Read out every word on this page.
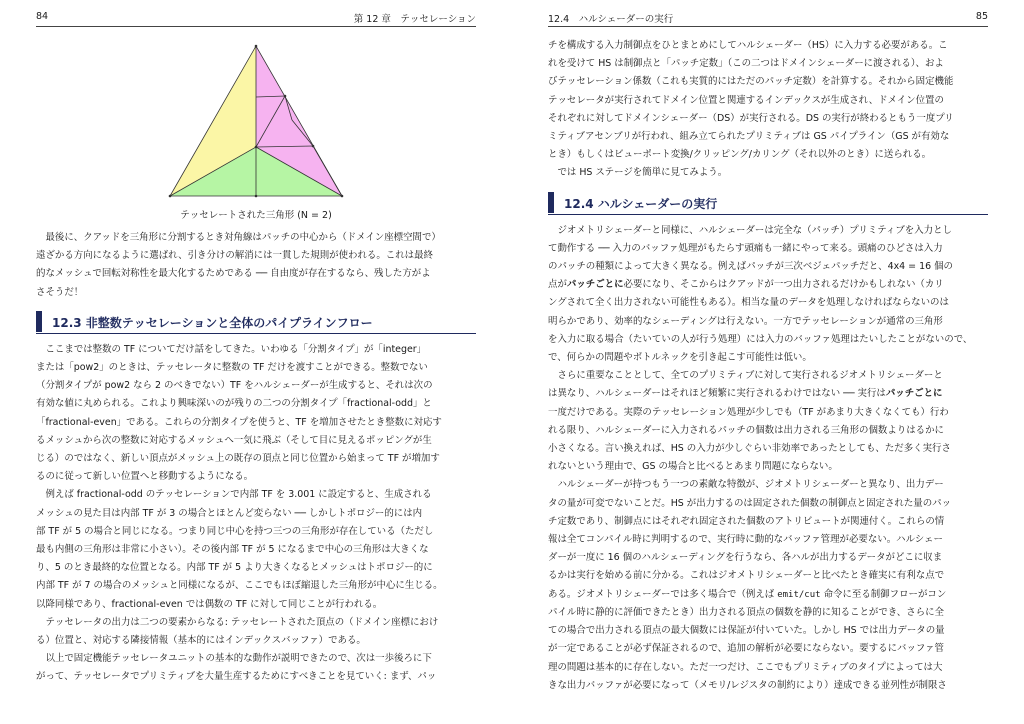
84	第 12 章　テッセレーション
テッセレートされた三角形 (N = 2)

最後に、クアッドを三角形に分割するとき対角線はパッチの中心から（ドメイン座標空間で）

遠ざかる方向になるように選ばれ、引き分けの解消には一貫した規則が使われる。これは最終

的なメッシュで回転対称性を最大化するためである ── 自由度が存在するなら、残した方がよ

さそうだ！

12.3 非整数テッセレーションと全体のパイプラインフロー

ここまでは整数の TF についてだけ話をしてきた。いわゆる「分割タイプ」が「integer」

または「pow2」のときは、テッセレータに整数の TF だけを渡すことができる。整数でない

（分割タイプが pow2 なら 2 のべきでない）TF をハルシェーダーが生成すると、それは次の

有効な値に丸められる。これより興味深いのが残りの二つの分割タイプ「fractional-odd」と

「fractional-even」である。これらの分割タイプを使うと、TF を増加させたとき整数に対応す

るメッシュから次の整数に対応するメッシュへ一気に飛ぶ（そして目に見えるポッピングが生

じる）のではなく、新しい頂点がメッシュ上の既存の頂点と同じ位置から始まって TF が増加す

るのに従って新しい位置へと移動するようになる。

例えば fractional-odd のテッセレーションで内部 TF を 3.001 に設定すると、生成される

メッシュの見た目は内部 TF が 3 の場合とほとんど変らない ── しかしトポロジー的には内

部 TF が 5 の場合と同じになる。つまり同じ中心を持つ三つの三角形が存在している（ただし

最も内側の三角形は非常に小さい）。その後内部 TF が 5 になるまで中心の三角形は大きくな

り、5 のとき最終的な位置となる。内部 TF が 5 より大きくなるとメッシュはトポロジー的に

内部 TF が 7 の場合のメッシュと同様になるが、ここでもほぼ縮退した三角形が中心に生じる。

以降同様であり、fractional-even では偶数の TF に対して同じことが行われる。

テッセレータの出力は二つの要素からなる: テッセレートされた頂点の（ドメイン座標におけ

る）位置と、対応する隣接情報（基本的にはインデックスバッファ）である。

以上で固定機能テッセレータユニットの基本的な動作が説明できたので、次は一歩後ろに下

がって、テッセレータでプリミティブを大量生産するためにすべきことを見ていく: まず、パッ

12.4　ハルシェーダーの実行	85

チを構成する入力制御点をひとまとめにしてハルシェーダー（HS）に入力する必要がある。こ

れを受けて HS は制御点と「パッチ定数」（この二つはドメインシェーダーに渡される）、およ

びテッセレーション係数（これも実質的にはただのパッチ定数）を計算する。それから固定機能

テッセレータが実行されてドメイン位置と関連するインデックスが生成され、ドメイン位置の

それぞれに対してドメインシェーダー（DS）が実行される。DS の実行が終わるともう一度プリ

ミティブアセンブリが行われ、組み立てられたプリミティブは GS パイプライン（GS が有効な

とき）もしくはビューポート変換/クリッピング/カリング（それ以外のとき）に送られる。

では HS ステージを簡単に見てみよう。

12.4 ハルシェーダーの実行

ジオメトリシェーダーと同様に、ハルシェーダーは完全な（パッチ）プリミティブを入力とし

て動作する ── 入力のバッファ処理がもたらす頭痛も一緒にやって来る。頭痛のひどさは入力

のパッチの種類によって大きく異なる。例えばパッチが三次ベジェパッチだと、4x4 = 16 個の

点がパッチごとに必要になり、そこからはクアッドが一つ出力されるだけかもしれない（カリ

ングされて全く出力されない可能性もある）。相当な量のデータを処理しなければならないのは

明らかであり、効率的なシェーディングは行えない。一方でテッセレーションが通常の三角形

を入力に取る場合（たいていの人が行う処理）には入力のバッファ処理はたいしたことがないので、

で、何らかの問題やボトルネックを引き起こす可能性は低い。

さらに重要なこととして、全てのプリミティブに対して実行されるジオメトリシェーダーと

は異なり、ハルシェーダーはそれほど頻繁に実行されるわけではない ── 実行はパッチごとに

一度だけである。実際のテッセレーション処理が少しでも（TF があまり大きくなくても）行わ

れる限り、ハルシェーダーに入力されるパッチの個数は出力される三角形の個数よりはるかに

小さくなる。言い換えれば、HS の入力が少しぐらい非効率であったとしても、ただ多く実行さ

れないという理由で、GS の場合と比べるとあまり問題にならない。

ハルシェーダーが持つもう一つの素敵な特徴が、ジオメトリシェーダーと異なり、出力デー

タの量が可変でないことだ。HS が出力するのは固定された個数の制御点と固定された量のパッ

チ定数であり、制御点にはそれぞれ固定された個数のアトリビュートが関連付く。これらの情

報は全てコンパイル時に判明するので、実行時に動的なバッファ管理が必要ない。ハルシェー

ダーが一度に 16 個のハルシェーディングを行うなら、各ハルが出力するデータがどこに収ま

るかは実行を始める前に分かる。これはジオメトリシェーダーと比べたとき確実に有利な点で

ある。ジオメトリシェーダーでは多く場合で（例えば emit/cut 命令に至る制御フローがコン

パイル時に静的に評価できたとき）出力される頂点の個数を静的に知ることができ、さらに全

ての場合で出力される頂点の最大個数には保証が付いていた。しかし HS では出力データの量

が一定であることが必ず保証されるので、追加の解析が必要にならない。要するにバッファ管

理の問題は基本的に存在しない。ただ一つだけ、ここでもプリミティブのタイプによっては大

きな出力バッファが必要になって（メモリ/レジスタの制約により）達成できる並列性が制限さ
